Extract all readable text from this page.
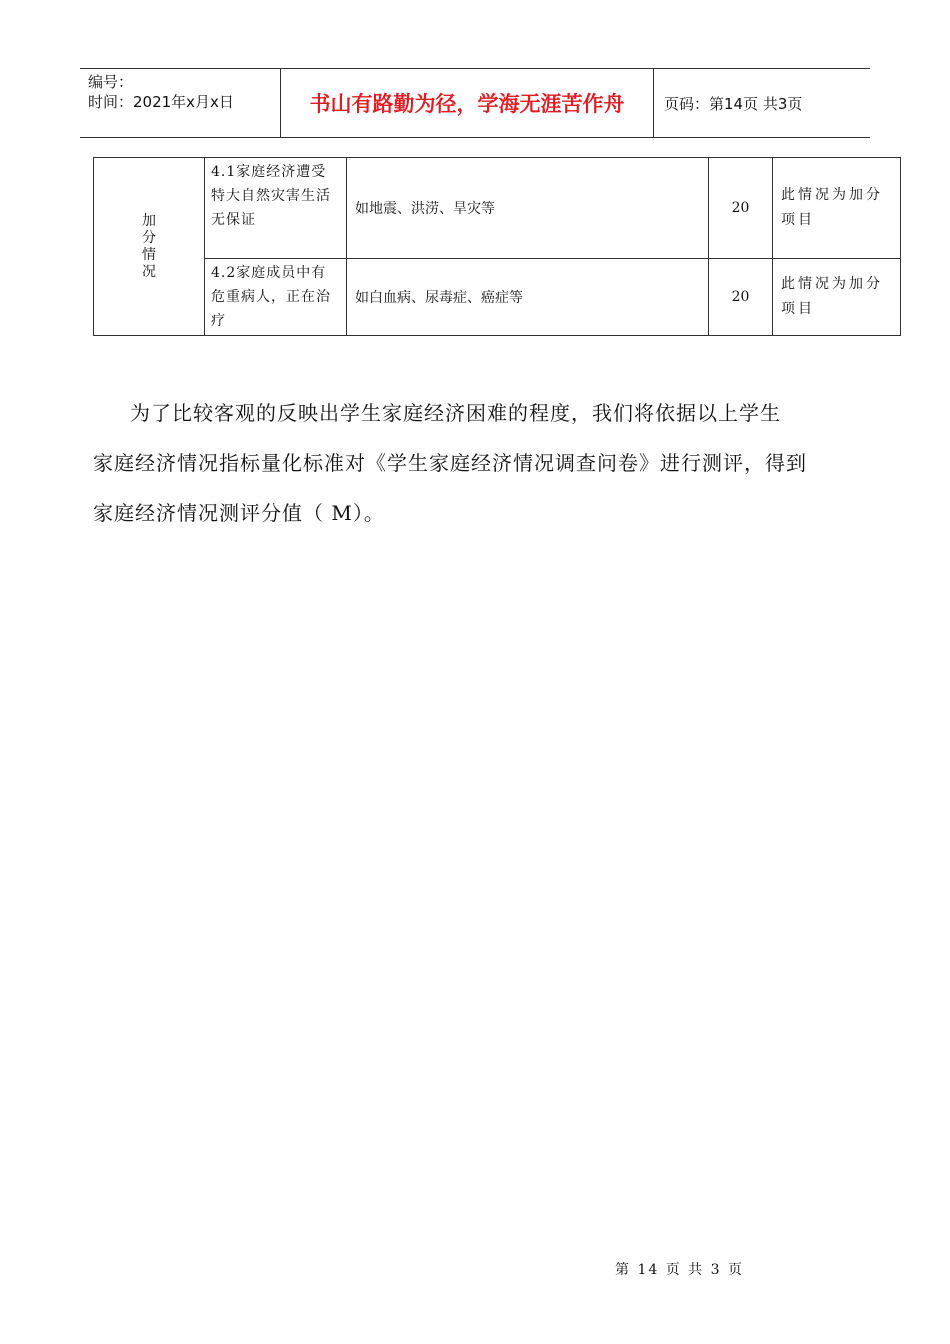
编号：
时间：2021年x月x日	书山有路勤为径，学海无涯苦作舟	页码：第14页 共3页
加分情况	4.1家庭经济遭受特大自然灾害生活无保证	如地震、洪涝、旱灾等	20	此情况为加分项目
	4.2家庭成员中有危重病人，正在治疗	如白血病、尿毒症、癌症等	20	此情况为加分项目
为了比较客观的反映出学生家庭经济困难的程度，我们将依据以上学生
家庭经济情况指标量化标准对《学生家庭经济情况调查问卷》进行测评，得到
家庭经济情况测评分值（ M）。
第 14 页 共 3 页
